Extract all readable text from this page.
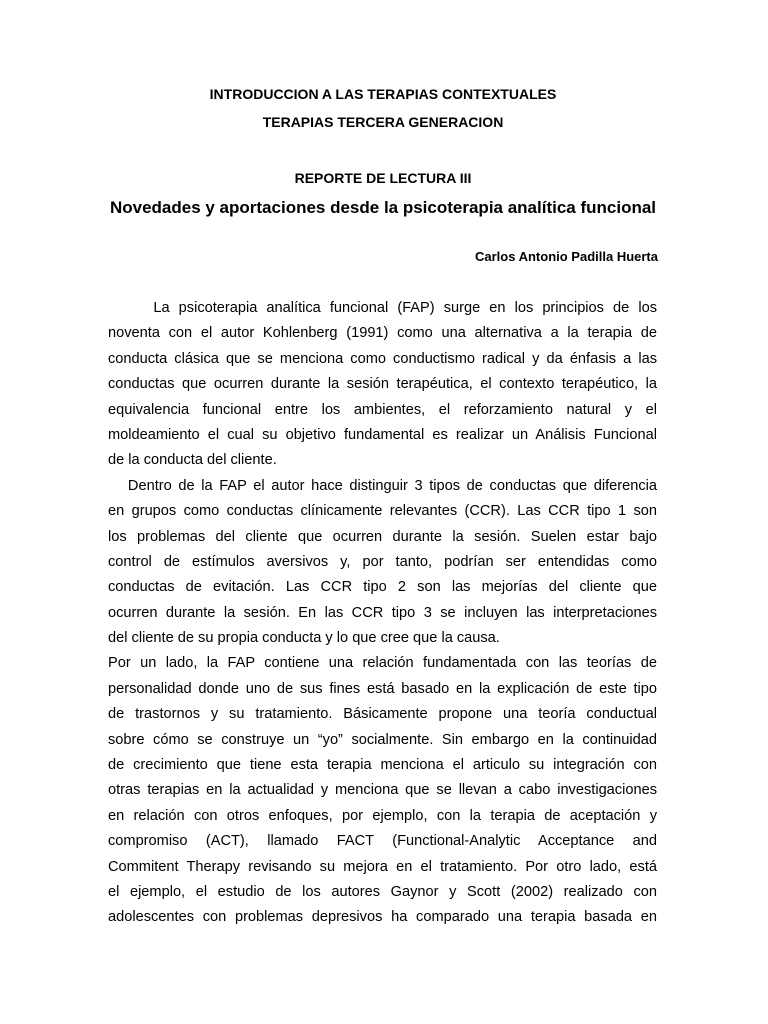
INTRODUCCION A LAS TERAPIAS CONTEXTUALES
TERAPIAS TERCERA GENERACION
REPORTE DE LECTURA III
Novedades y aportaciones desde la psicoterapia analítica funcional
Carlos Antonio Padilla Huerta
La psicoterapia analítica funcional (FAP) surge en los principios de los
noventa con el autor Kohlenberg (1991) como una alternativa a la terapia de
conducta clásica que se menciona como conductismo radical y da énfasis a las
conductas que ocurren durante la sesión terapéutica, el contexto terapéutico, la
equivalencia funcional entre los ambientes, el reforzamiento natural y el
moldeamiento el cual su objetivo fundamental es realizar un Análisis Funcional
de la conducta del cliente.
Dentro de la FAP el autor hace distinguir 3 tipos de conductas que diferencia
en grupos como conductas clínicamente relevantes (CCR). Las CCR tipo 1 son
los problemas del cliente que ocurren durante la sesión. Suelen estar bajo
control de estímulos aversivos y, por tanto, podrían ser entendidas como
conductas de evitación. Las CCR tipo 2 son las mejorías del cliente que
ocurren durante la sesión. En las CCR tipo 3 se incluyen las interpretaciones
del cliente de su propia conducta y lo que cree que la causa.
Por un lado, la FAP contiene una relación fundamentada con las teorías de
personalidad donde uno de sus fines está basado en la explicación de este tipo
de trastornos y su tratamiento. Básicamente propone una teoría conductual
sobre cómo se construye un “yo” socialmente. Sin embargo en la continuidad
de crecimiento que tiene esta terapia menciona el articulo su integración con
otras terapias en la actualidad y menciona que se llevan a cabo investigaciones
en relación con otros enfoques, por ejemplo, con la terapia de aceptación y
compromiso (ACT), llamado FACT (Functional-Analytic Acceptance and
Commitent Therapy revisando su mejora en el tratamiento. Por otro lado, está
el ejemplo, el estudio de los autores Gaynor y Scott (2002) realizado con
adolescentes con problemas depresivos ha comparado una terapia basada en
